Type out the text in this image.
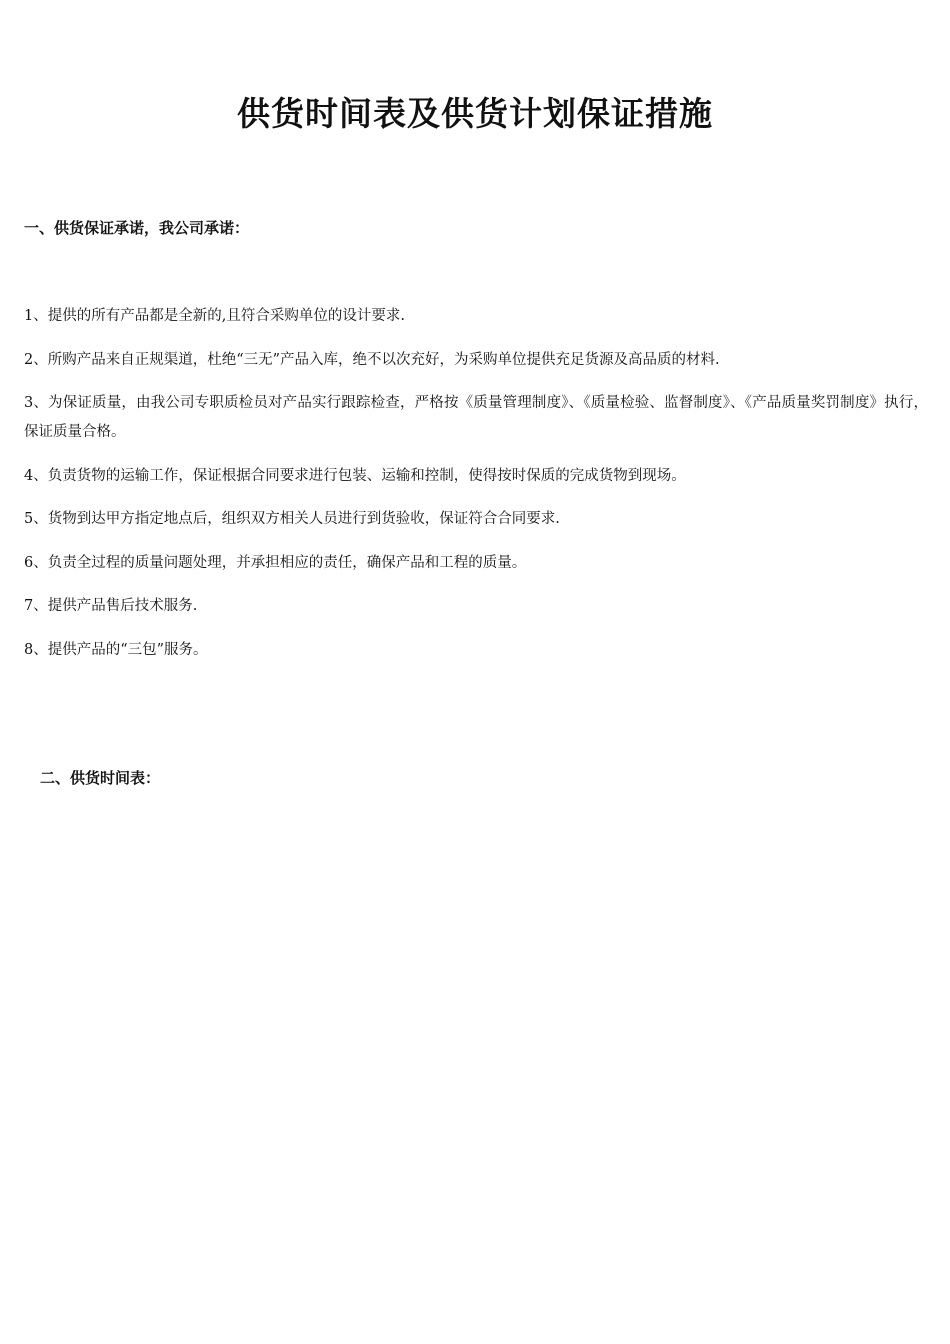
供货时间表及供货计划保证措施
一、供货保证承诺，我公司承诺：
1、提供的所有产品都是全新的,且符合采购单位的设计要求.
2、所购产品来自正规渠道，杜绝“三无”产品入库，绝不以次充好，为采购单位提供充足货源及高品质的材料.
3、为保证质量，由我公司专职质检员对产品实行跟踪检查，严格按《质量管理制度》、《质量检验、监督制度》、《产品质量奖罚制度》执行，保证质量合格。
4、负责货物的运输工作，保证根据合同要求进行包装、运输和控制，使得按时保质的完成货物到现场。
5、货物到达甲方指定地点后，组织双方相关人员进行到货验收，保证符合合同要求.
6、负责全过程的质量问题处理，并承担相应的责任，确保产品和工程的质量。
7、提供产品售后技术服务.
8、提供产品的“三包”服务。
二、供货时间表：
